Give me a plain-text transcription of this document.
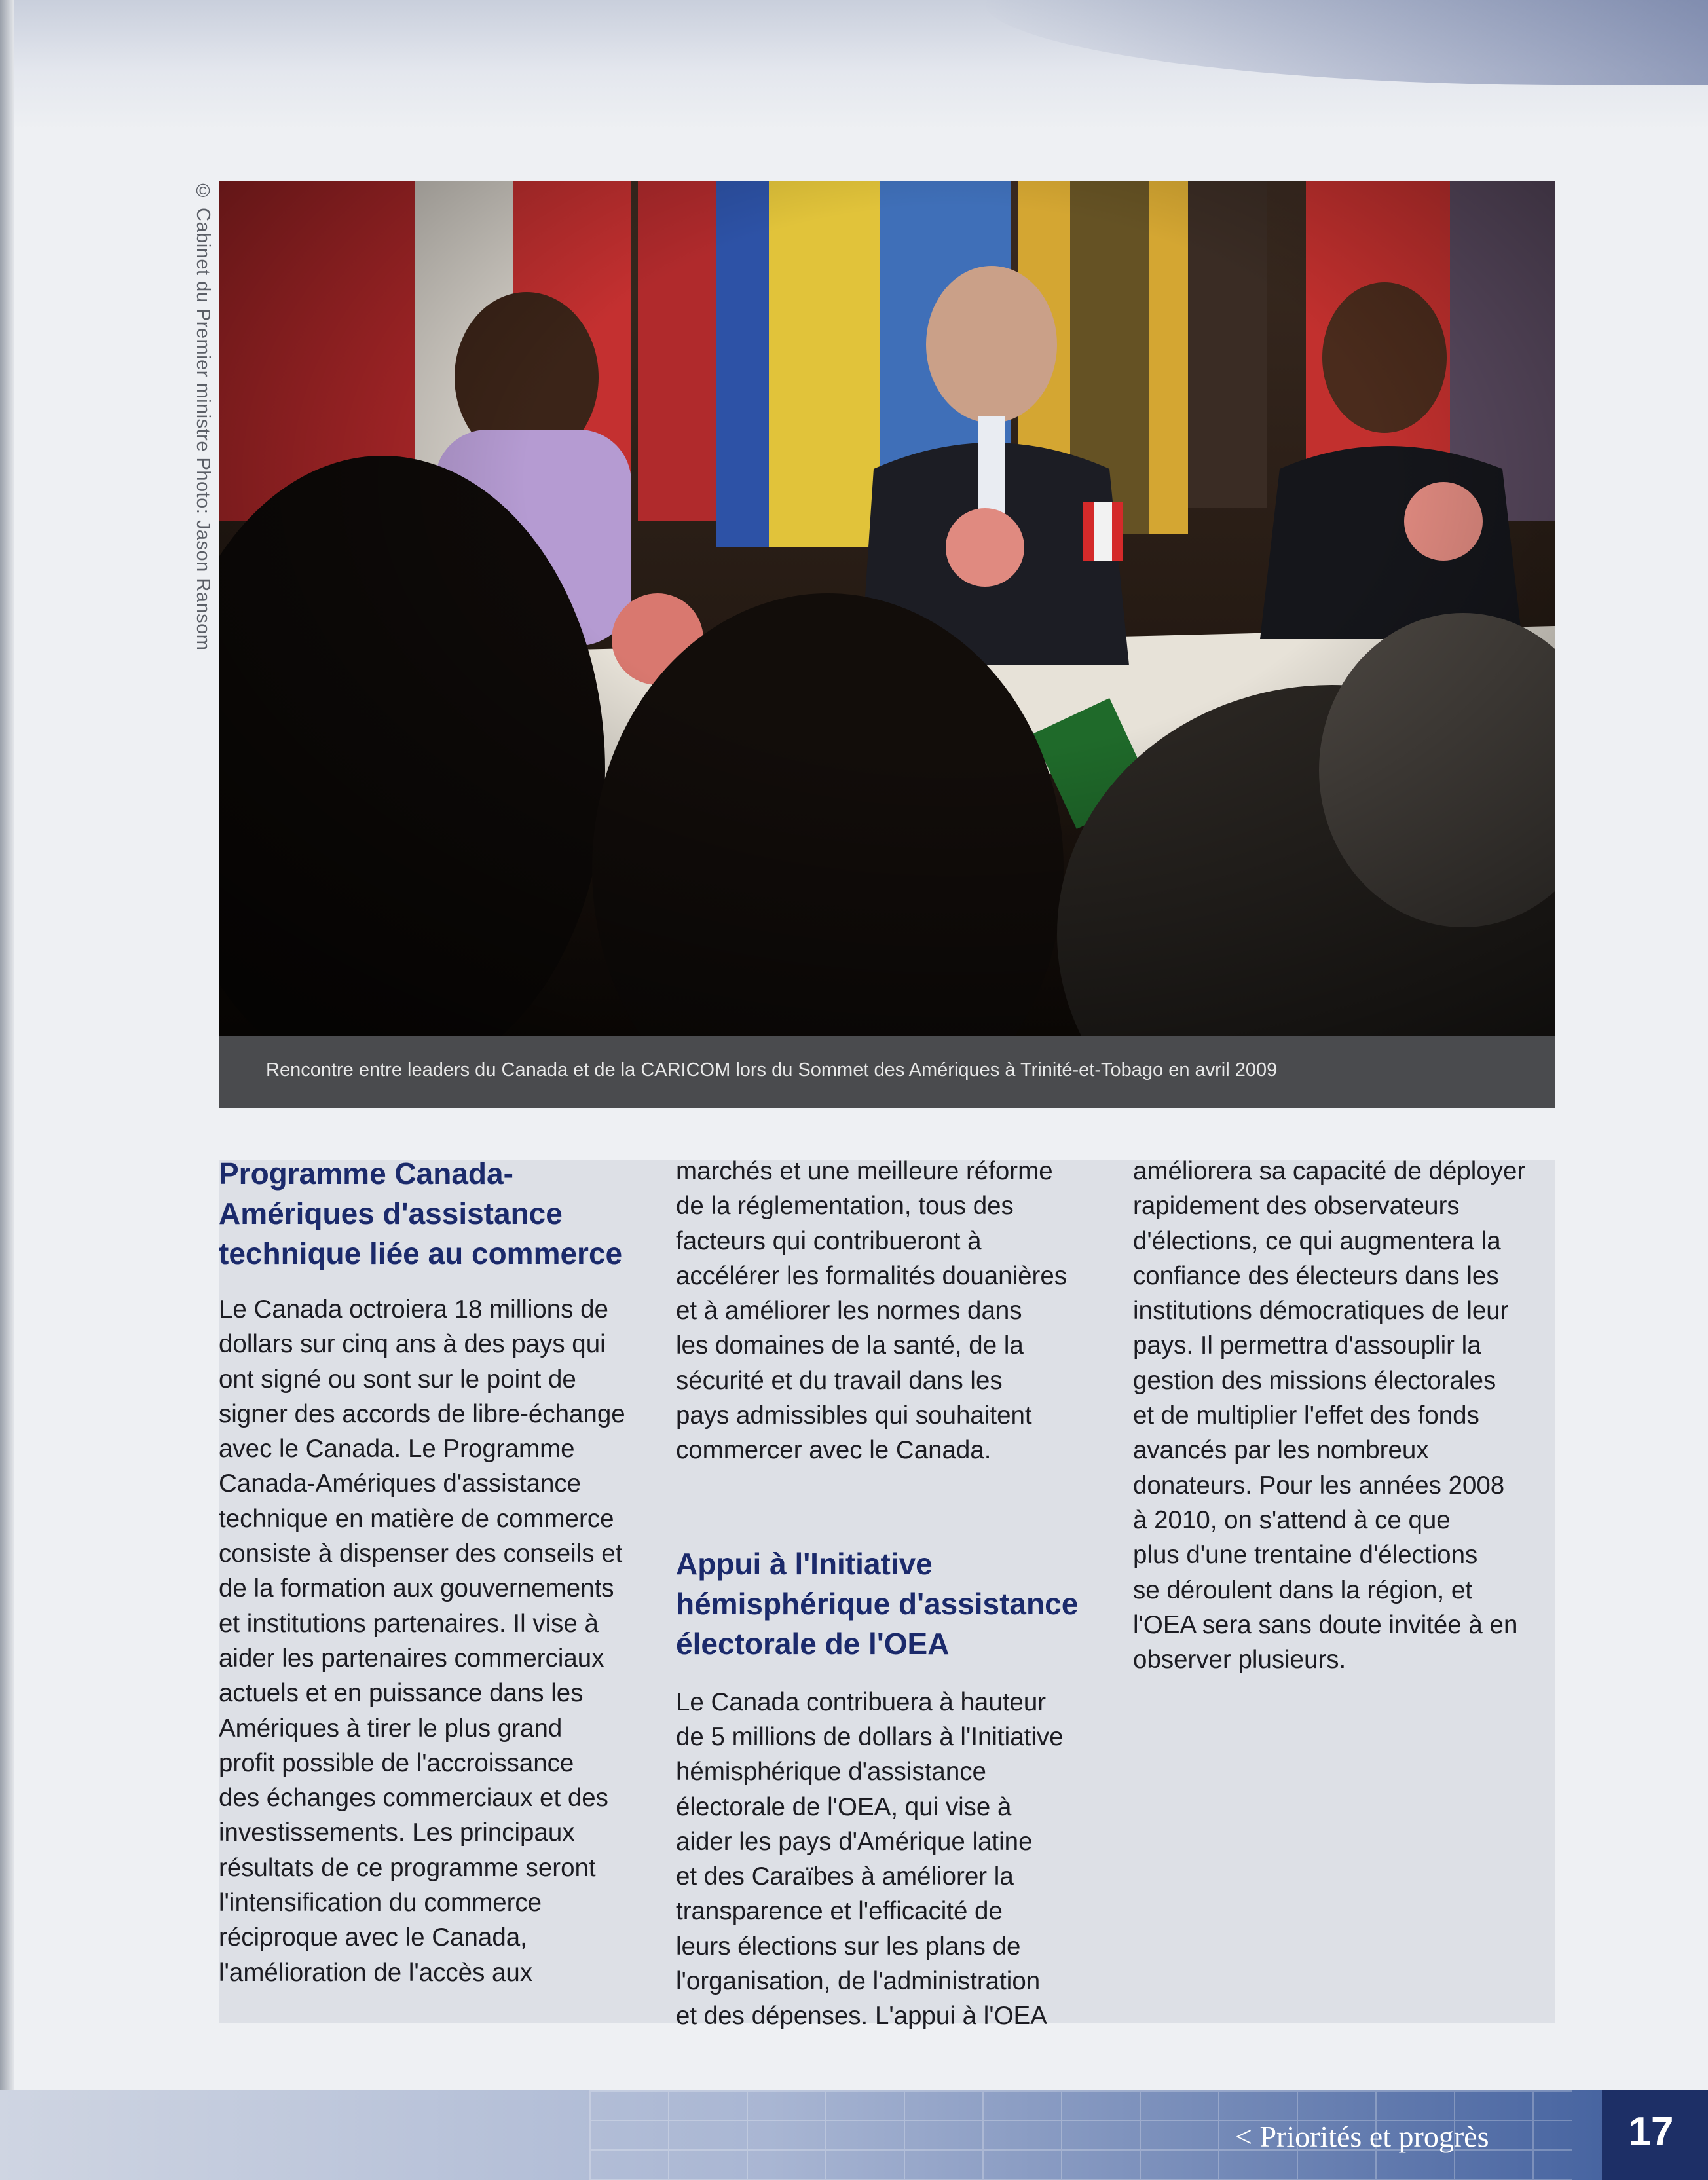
© Cabinet du Premier ministre Photo: Jason Ransom
Rencontre entre leaders du Canada et de la CARICOM lors du Sommet des Amériques à Trinité-et-Tobago en avril 2009
Programme Canada-
Amériques d'assistance
technique liée au commerce

Le Canada octroiera 18 millions de
dollars sur cinq ans à des pays qui
ont signé ou sont sur le point de
signer des accords de libre-échange
avec le Canada. Le Programme
Canada-Amériques d'assistance
technique en matière de commerce
consiste à dispenser des conseils et
de la formation aux gouvernements
et institutions partenaires. Il vise à
aider les partenaires commerciaux
actuels et en puissance dans les
Amériques à tirer le plus grand
profit possible de l'accroissance
des échanges commerciaux et des
investissements. Les principaux
résultats de ce programme seront
l'intensification du commerce
réciproque avec le Canada,
l'amélioration de l'accès aux

marchés et une meilleure réforme
de la réglementation, tous des
facteurs qui contribueront à
accélérer les formalités douanières
et à améliorer les normes dans
les domaines de la santé, de la
sécurité et du travail dans les
pays admissibles qui souhaitent
commercer avec le Canada.

Appui à l'Initiative
hémisphérique d'assistance
électorale de l'OEA

Le Canada contribuera à hauteur
de 5 millions de dollars à l'Initiative
hémisphérique d'assistance
électorale de l'OEA, qui vise à
aider les pays d'Amérique latine
et des Caraïbes à améliorer la
transparence et l'efficacité de
leurs élections sur les plans de
l'organisation, de l'administration
et des dépenses. L'appui à l'OEA

améliorera sa capacité de déployer
rapidement des observateurs
d'élections, ce qui augmentera la
confiance des électeurs dans les
institutions démocratiques de leur
pays. Il permettra d'assouplir la
gestion des missions électorales
et de multiplier l'effet des fonds
avancés par les nombreux
donateurs. Pour les années 2008
à 2010, on s'attend à ce que
plus d'une trentaine d'élections
se déroulent dans la région, et
l'OEA sera sans doute invitée à en
observer plusieurs.

< Priorités et progrès	17
